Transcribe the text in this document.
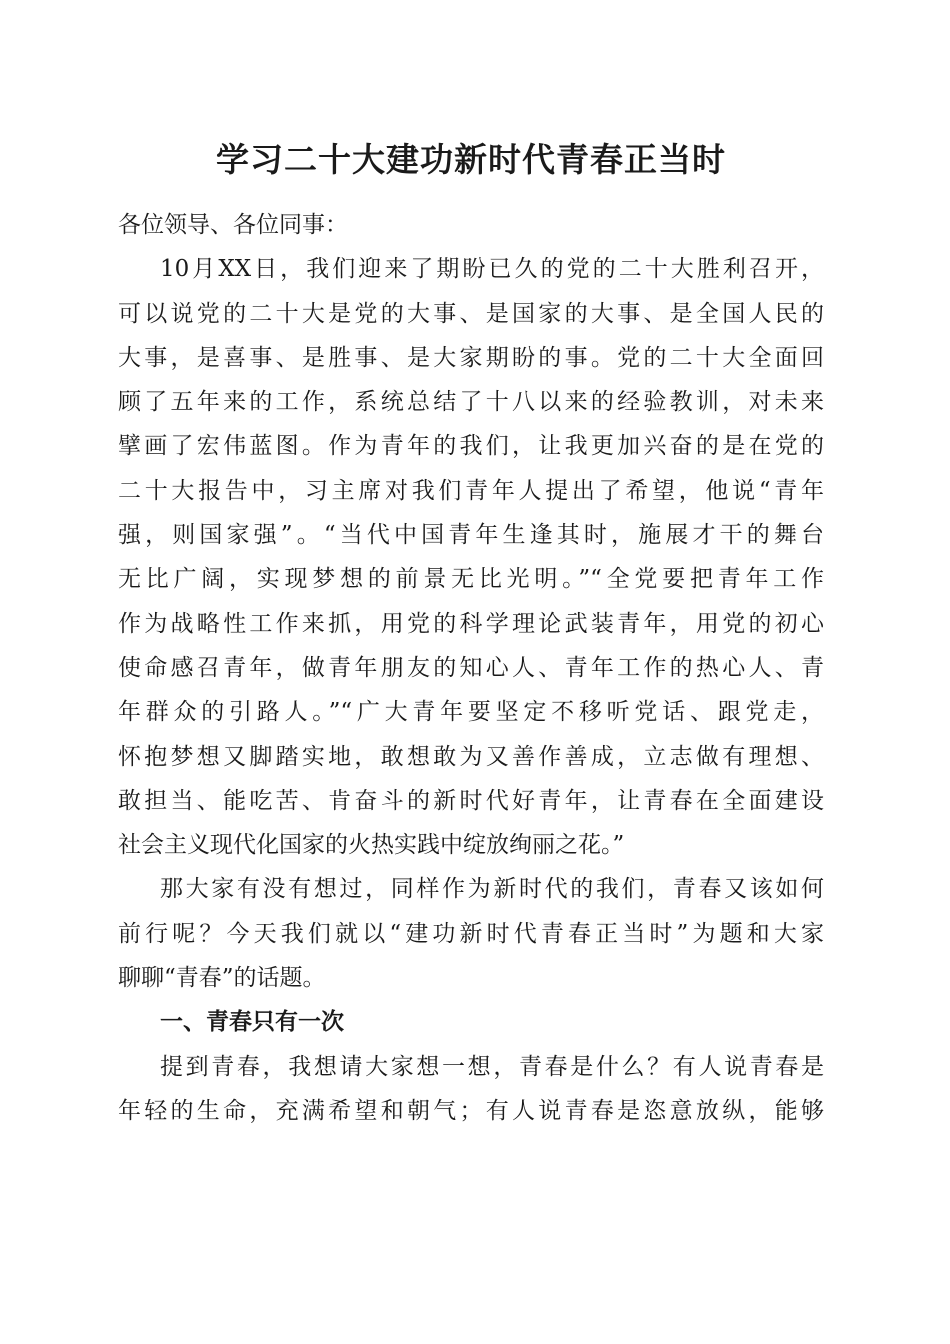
学习二十大建功新时代青春正当时
各位领导、各位同事：
10月XX日，我们迎来了期盼已久的党的二十大胜利召开，
可以说党的二十大是党的大事、是国家的大事、是全国人民的
大事，是喜事、是胜事、是大家期盼的事。党的二十大全面回
顾了五年来的工作，系统总结了十八以来的经验教训，对未来
擘画了宏伟蓝图。作为青年的我们，让我更加兴奋的是在党的
二十大报告中，习主席对我们青年人提出了希望，他说“青年
强，则国家强”。“当代中国青年生逢其时，施展才干的舞台
无比广阔，实现梦想的前景无比光明。”“全党要把青年工作
作为战略性工作来抓，用党的科学理论武装青年，用党的初心
使命感召青年，做青年朋友的知心人、青年工作的热心人、青
年群众的引路人。”“广大青年要坚定不移听党话、跟党走，
怀抱梦想又脚踏实地，敢想敢为又善作善成，立志做有理想、
敢担当、能吃苦、肯奋斗的新时代好青年，让青春在全面建设
社会主义现代化国家的火热实践中绽放绚丽之花。”
那大家有没有想过，同样作为新时代的我们，青春又该如何
前行呢？今天我们就以“建功新时代青春正当时”为题和大家
聊聊“青春”的话题。
一、青春只有一次
提到青春，我想请大家想一想，青春是什么？有人说青春是
年轻的生命，充满希望和朝气；有人说青春是恣意放纵，能够
